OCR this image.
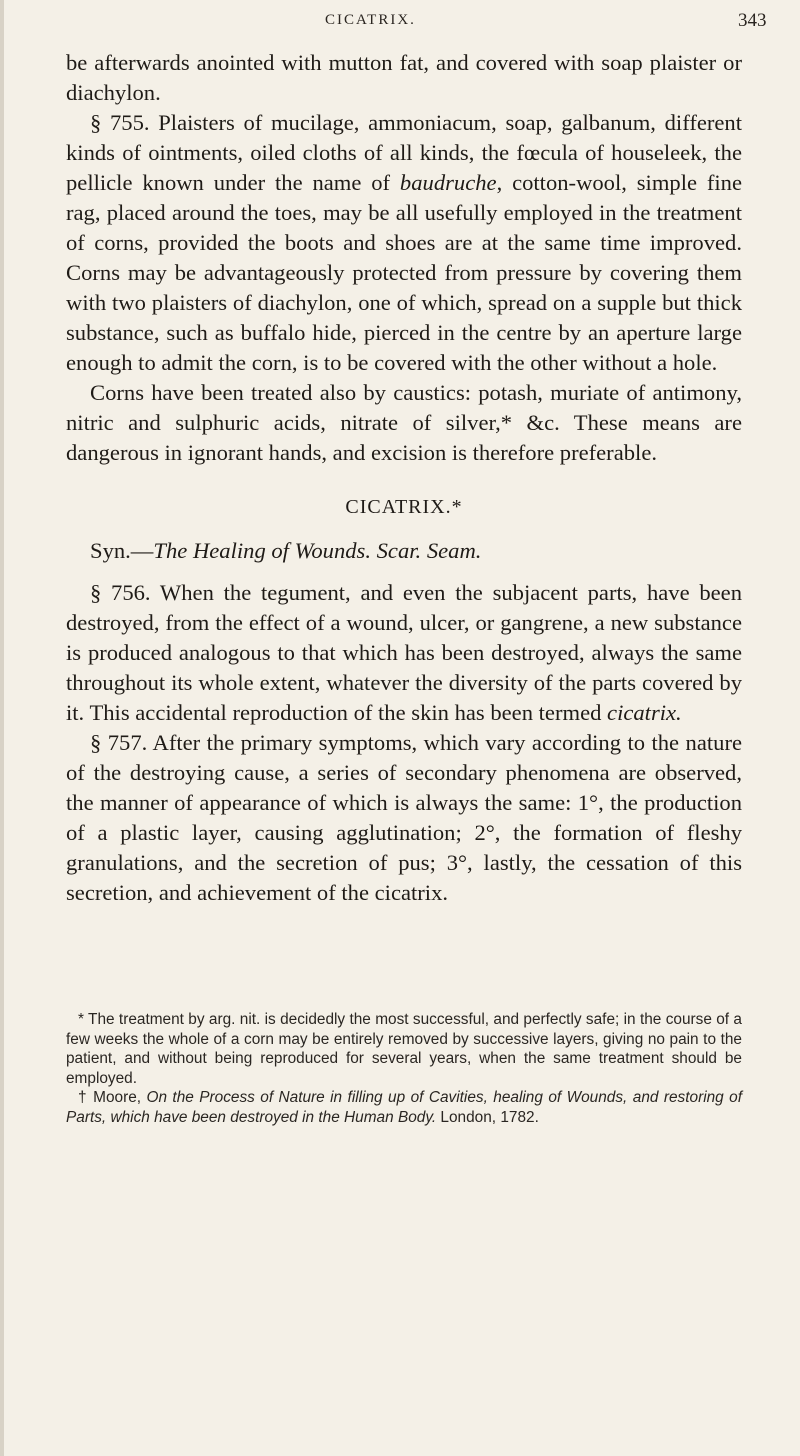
CICATRIX.	343

be afterwards anointed with mutton fat, and covered with soap plaister or diachylon.

§ 755. Plaisters of mucilage, ammoniacum, soap, galbanum, different kinds of ointments, oiled cloths of all kinds, the fœcula of houseleek, the pellicle known under the name of baudruche, cotton-wool, simple fine rag, placed around the toes, may be all usefully employed in the treatment of corns, provided the boots and shoes are at the same time improved. Corns may be advantageously protected from pressure by covering them with two plaisters of diachylon, one of which, spread on a supple but thick substance, such as buffalo hide, pierced in the centre by an aperture large enough to admit the corn, is to be covered with the other without a hole.

Corns have been treated also by caustics: potash, muriate of antimony, nitric and sulphuric acids, nitrate of silver,* &c. These means are dangerous in ignorant hands, and excision is therefore preferable.

CICATRIX.*

Syn.—The Healing of Wounds. Scar. Seam.

§ 756. When the tegument, and even the subjacent parts, have been destroyed, from the effect of a wound, ulcer, or gangrene, a new substance is produced analogous to that which has been destroyed, always the same throughout its whole extent, whatever the diversity of the parts covered by it. This accidental reproduction of the skin has been termed cicatrix.

§ 757. After the primary symptoms, which vary according to the nature of the destroying cause, a series of secondary phenomena are observed, the manner of appearance of which is always the same: 1°, the production of a plastic layer, causing agglutination; 2°, the formation of fleshy granulations, and the secretion of pus; 3°, lastly, the cessation of this secretion, and achievement of the cicatrix.

* The treatment by arg. nit. is decidedly the most successful, and perfectly safe; in the course of a few weeks the whole of a corn may be entirely removed by successive layers, giving no pain to the patient, and without being reproduced for several years, when the same treatment should be employed.

† Moore, On the Process of Nature in filling up of Cavities, healing of Wounds, and restoring of Parts, which have been destroyed in the Human Body. London, 1782.
